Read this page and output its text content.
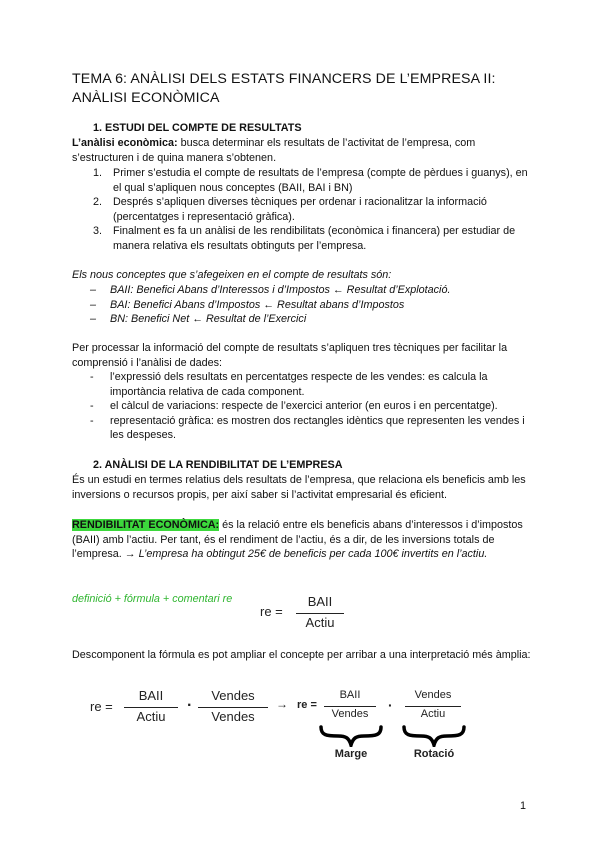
TEMA 6: ANÀLISI DELS ESTATS FINANCERS DE L’EMPRESA II: ANÀLISI ECONÒMICA
1. ESTUDI DEL COMPTE DE RESULTATS
L’anàlisi econòmica: busca determinar els resultats de l’activitat de l’empresa, com s’estructuren i de quina manera s’obtenen.
1.	Primer s’estudia el compte de resultats de l’empresa (compte de pèrdues i guanys), en el qual s’apliquen nous conceptes (BAII, BAI i BN)
2.	Després s’apliquen diverses tècniques per ordenar i racionalitzar la informació (percentatges i representació gràfica).
3.	Finalment es fa un anàlisi de les rendibilitats (econòmica i financera) per estudiar de manera relativa els resultats obtinguts per l’empresa.
Els nous conceptes que s’afegeixen en el compte de resultats són:
–	BAII: Benefici Abans d’Interessos i d’Impostos ← Resultat d’Explotació.
–	BAI: Benefici Abans d’Impostos ← Resultat abans d’Impostos
–	BN: Benefici Net ← Resultat de l’Exercici
Per processar la informació del compte de resultats s’apliquen tres tècniques per facilitar la comprensió i l’anàlisi de dades:
-	l’expressió dels resultats en percentatges respecte de les vendes: es calcula la importància relativa de cada component.
-	el càlcul de variacions: respecte de l’exercici anterior (en euros i en percentatge).
-	representació gràfica: es mostren dos rectangles idèntics que representen les vendes i les despeses.
2. ANÀLISI DE LA RENDIBILITAT DE L’EMPRESA
És un estudi en termes relatius dels resultats de l’empresa, que relaciona els beneficis amb les inversions o recursos propis, per així saber si l’activitat empresarial és eficient.
RENDIBILITAT ECONÒMICA: és la relació entre els beneficis abans d’interessos i d’impostos (BAII) amb l’actiu. Per tant, és el rendiment de l’actiu, és a dir, de les inversions totals de l’empresa. → L’empresa ha obtingut 25€ de beneficis per cada 100€ invertits en l’actiu.
definició + fórmula + comentari re
re =
BAII
Actiu
Descomponent la fórmula es pot ampliar el concepte per arribar a una interpretació més àmplia:
re =
BAII
Actiu
·
Vendes
Vendes
→ re =
BAII
Vendes
·
Vendes
Actiu
Marge	Rotació
1
